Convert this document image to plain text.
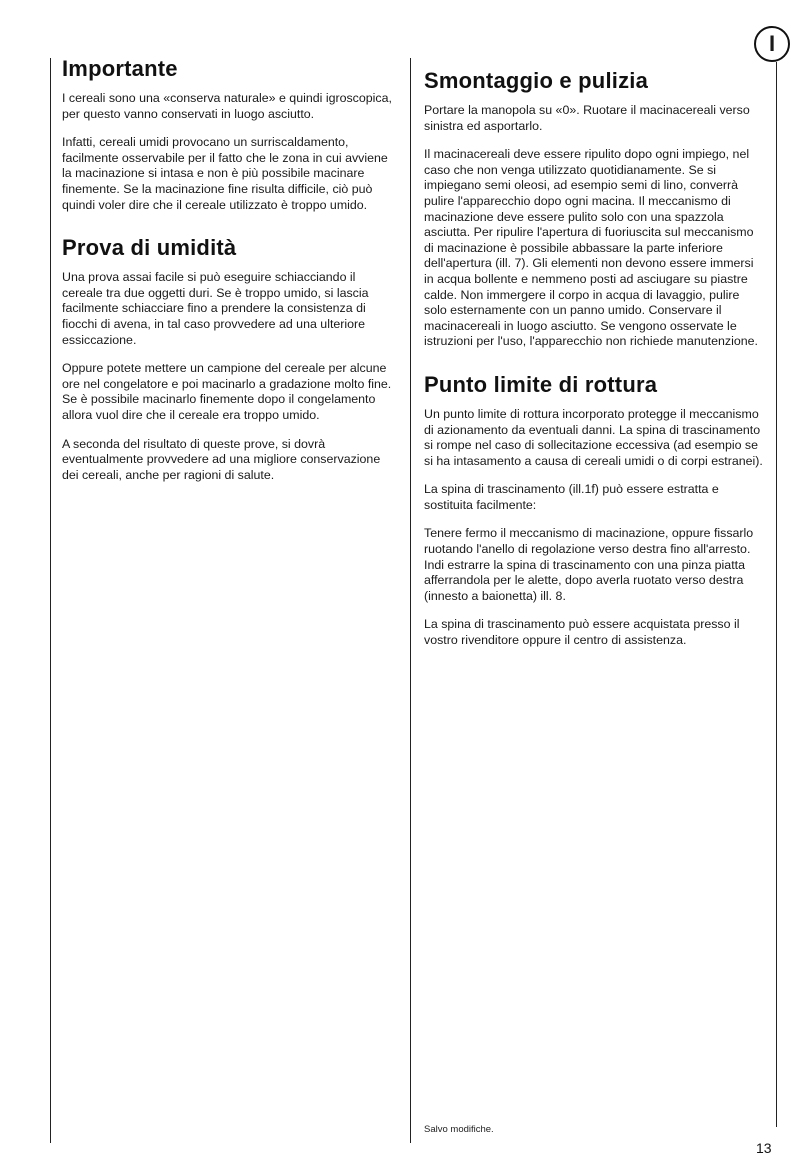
I
Importante

I cereali sono una «conserva naturale» e quindi igroscopica, per questo vanno conservati in luogo asciutto.

Infatti, cereali umidi provocano un surriscaldamento, facilmente osservabile per il fatto che le zona in cui avviene la macinazione si intasa e non è più possibile macinare finemente. Se la macinazione fine risulta difficile, ciò può quindi voler dire che il cereale utilizzato è troppo umido.

Prova di umidità

Una prova assai facile si può eseguire schiacciando il cereale tra due oggetti duri. Se è troppo umido, si lascia facilmente schiacciare fino a prendere la consistenza di fiocchi di avena, in tal caso provvedere ad una ulteriore essiccazione.

Oppure potete mettere un campione del cereale per alcune ore nel congelatore e poi macinarlo a gradazione molto fine. Se è possibile macinarlo finemente dopo il congelamento allora vuol dire che il cereale era troppo umido.

A seconda del risultato di queste prove, si dovrà eventualmente provvedere ad una migliore conservazione dei cereali, anche per ragioni di salute.

Smontaggio e pulizia

Portare la manopola su «0». Ruotare il macinacereali verso sinistra ed asportarlo.

Il macinacereali deve essere ripulito dopo ogni impiego, nel caso che non venga utilizzato quotidianamente. Se si impiegano semi oleosi, ad esempio semi di lino, converrà pulire l'apparecchio dopo ogni macina. Il meccanismo di macinazione deve essere pulito solo con una spazzola asciutta. Per ripulire l'apertura di fuoriuscita sul meccanismo di macinazione è possibile abbassare la parte inferiore dell'apertura (ill. 7). Gli elementi non devono essere immersi in acqua bollente e nemmeno posti ad asciugare su piastre calde. Non immergere il corpo in acqua di lavaggio, pulire solo esternamente con un panno umido. Conservare il macinacereali in luogo asciutto. Se vengono osservate le istruzioni per l'uso, l'apparecchio non richiede manutenzione.

Punto limite di rottura

Un punto limite di rottura incorporato protegge il meccanismo di azionamento da eventuali danni. La spina di trascinamento si rompe nel caso di sollecitazione eccessiva (ad esempio se si ha intasamento a causa di cereali umidi o di corpi estranei).

La spina di trascinamento (ill.1f) può essere estratta e sostituita facilmente:

Tenere fermo il meccanismo di macinazione, oppure fissarlo ruotando l'anello di regolazione verso destra fino all'arresto. Indi estrarre la spina di trascinamento con una pinza piatta afferrandola per le alette, dopo averla ruotato verso destra (innesto a baionetta) ill. 8.

La spina di trascinamento può essere acquistata presso il vostro rivenditore oppure il centro di assistenza.

Salvo modifiche.
13
